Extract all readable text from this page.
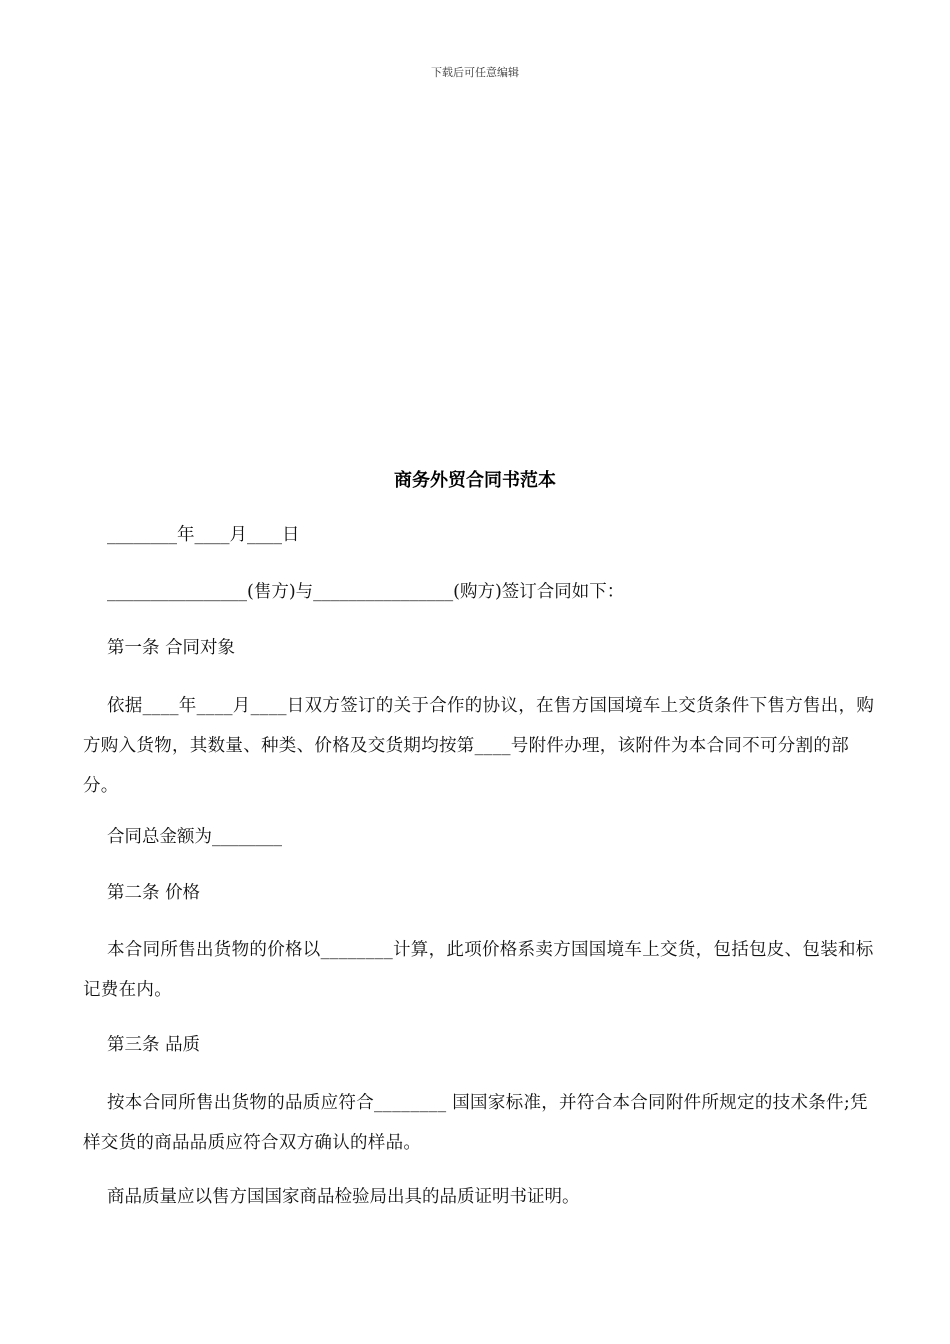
下载后可任意编辑
商务外贸合同书范本

________年____月____日

________________(售方)与________________(购方)签订合同如下：

第一条 合同对象

依据____年____月____日双方签订的关于合作的协议，在售方国国境车上交货条件下售方售出，购方购入货物，其数量、种类、价格及交货期均按第____号附件办理，该附件为本合同不可分割的部分。

合同总金额为________

第二条 价格

本合同所售出货物的价格以________计算，此项价格系卖方国国境车上交货，包括包皮、包装和标记费在内。

第三条 品质

按本合同所售出货物的品质应符合________ 国国家标准，并符合本合同附件所规定的技术条件;凭样交货的商品品质应符合双方确认的样品。

商品质量应以售方国国家商品检验局出具的品质证明书证明。
